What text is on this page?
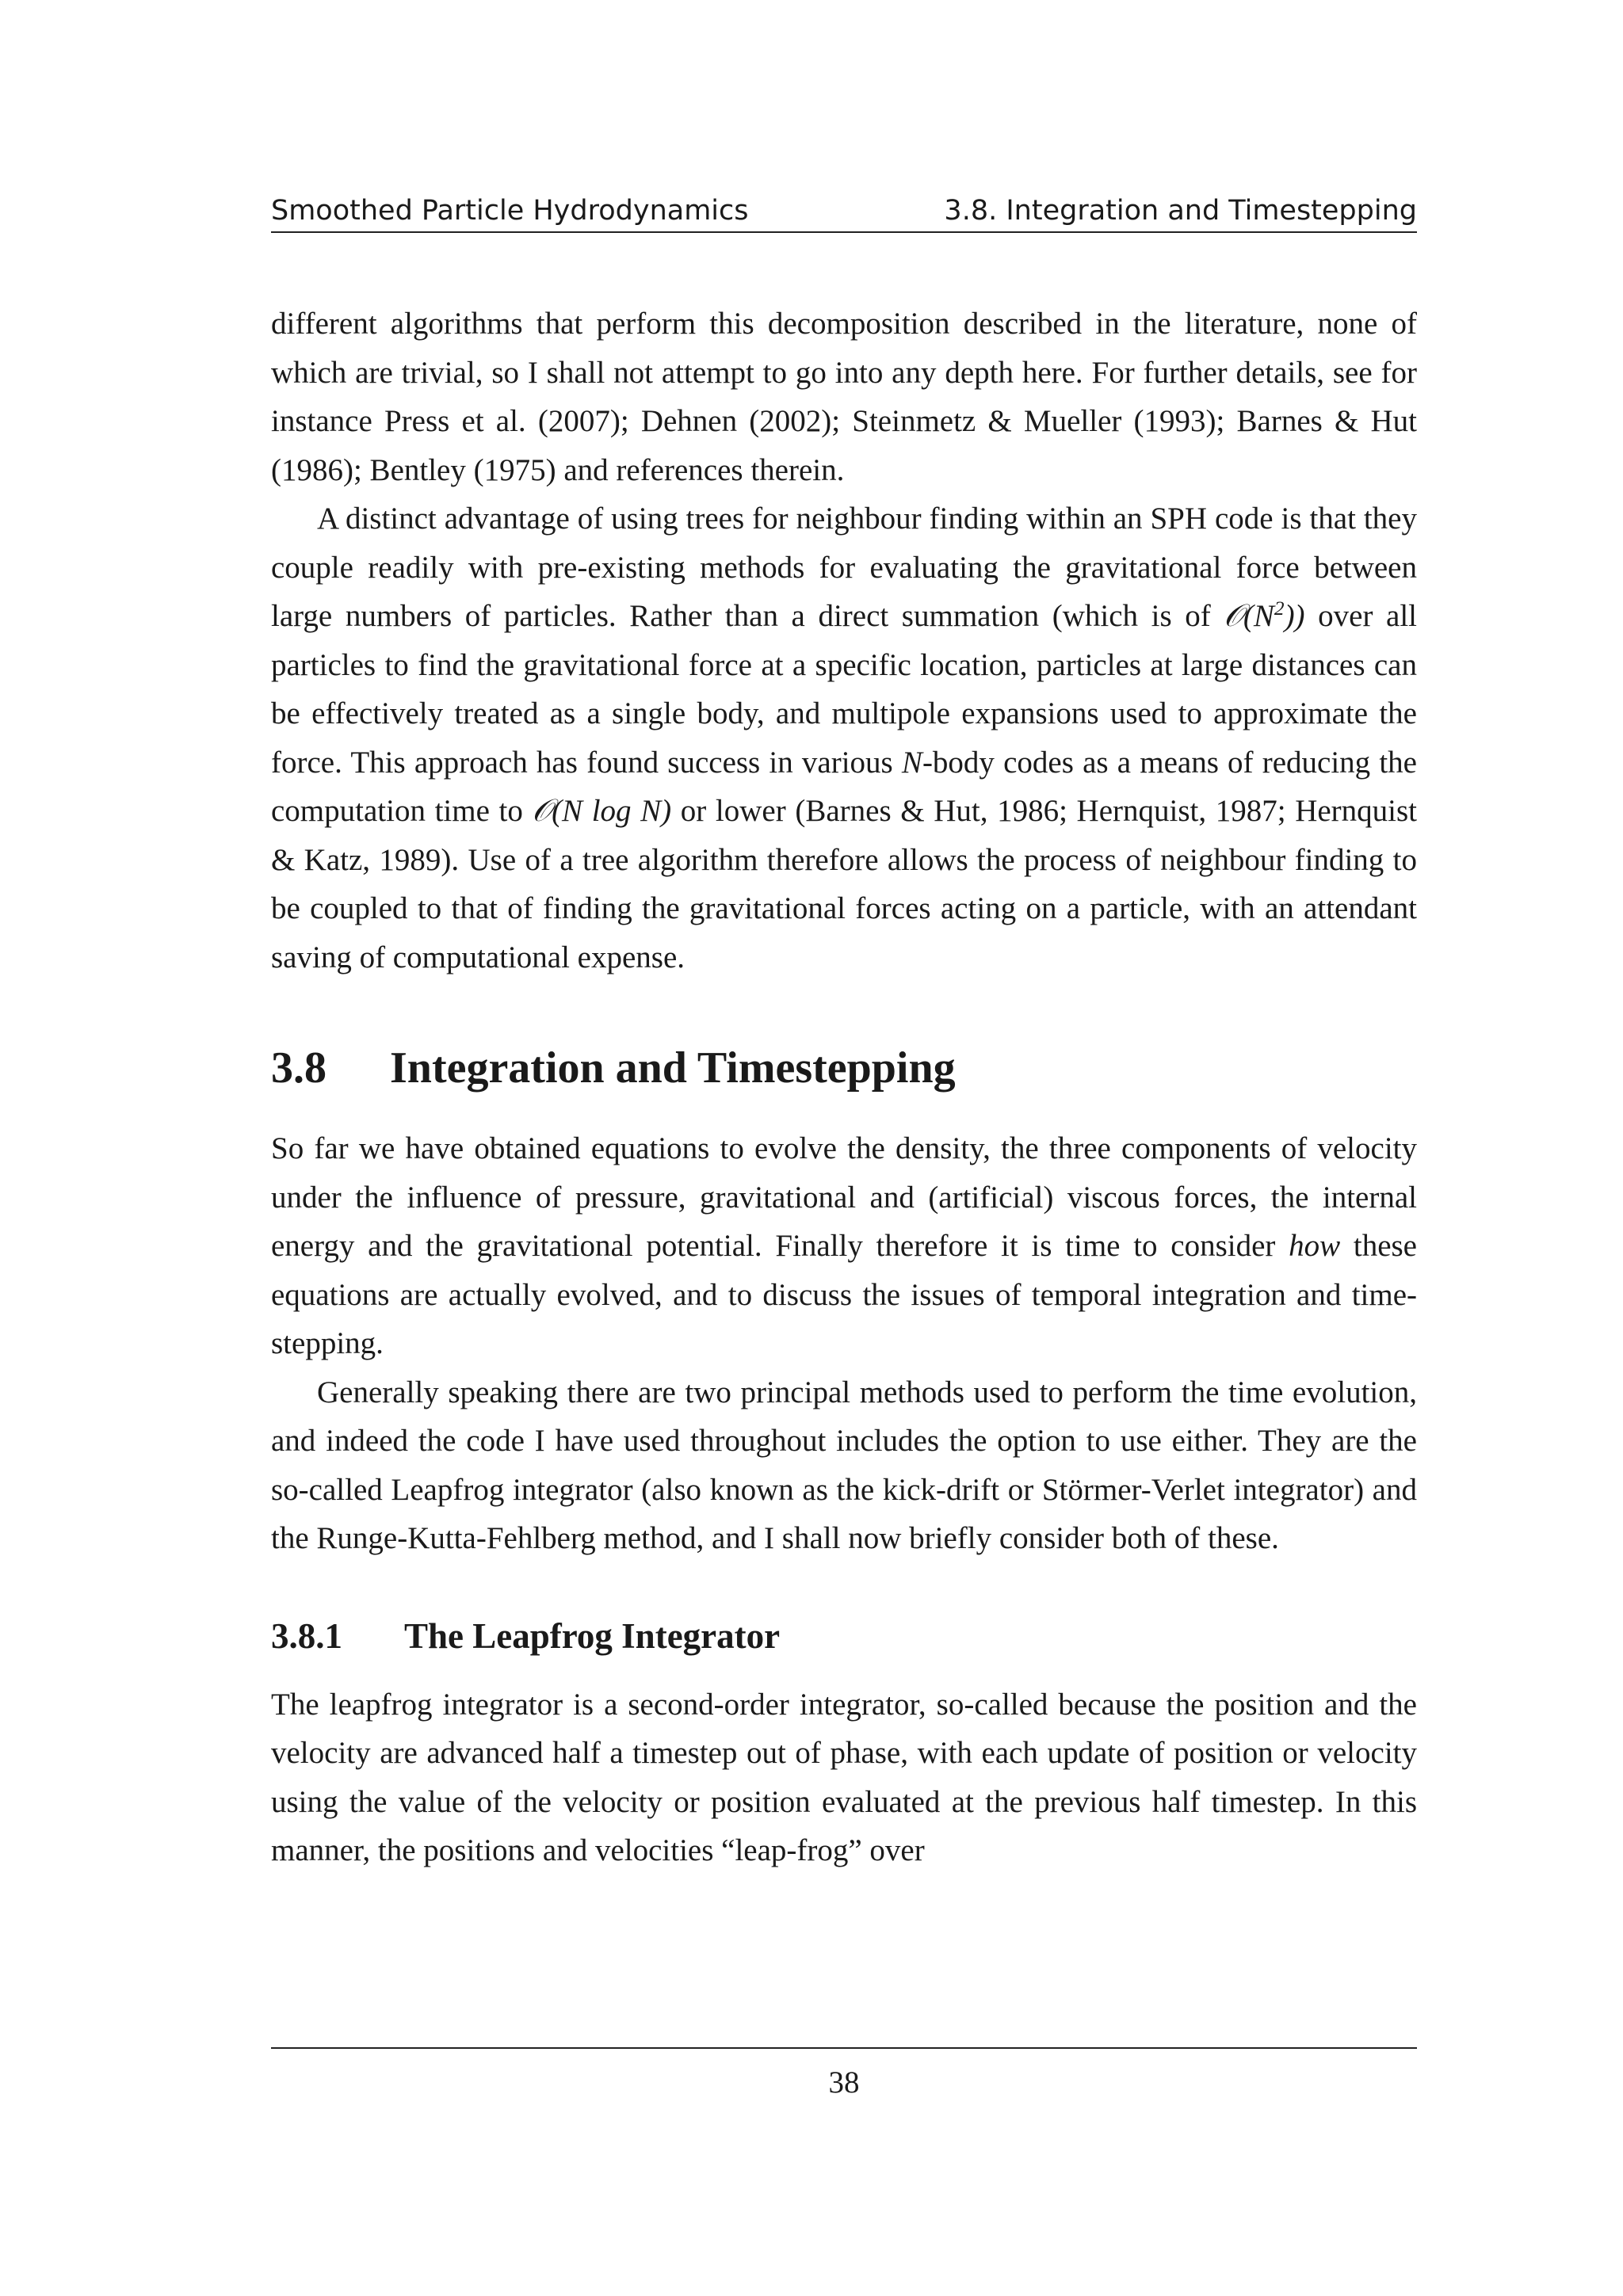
Smoothed Particle Hydrodynamics	3.8. Integration and Timestepping

different algorithms that perform this decomposition described in the literature, none of which are trivial, so I shall not attempt to go into any depth here. For further details, see for instance Press et al. (2007); Dehnen (2002); Steinmetz & Mueller (1993); Barnes & Hut (1986); Bentley (1975) and references therein.

A distinct advantage of using trees for neighbour finding within an SPH code is that they couple readily with pre-existing methods for evaluating the gravitational force between large numbers of particles. Rather than a direct summation (which is of $𝒪(N^2)$) over all particles to find the gravitational force at a specific location, particles at large distances can be effectively treated as a single body, and multipole expansions used to approximate the force. This approach has found success in various N-body codes as a means of reducing the computation time to 𝒪(N log N) or lower (Barnes & Hut, 1986; Hernquist, 1987; Hernquist & Katz, 1989). Use of a tree algorithm therefore allows the process of neighbour finding to be coupled to that of finding the gravitational forces acting on a particle, with an attendant saving of computational expense.

3.8 Integration and Timestepping

So far we have obtained equations to evolve the density, the three components of velocity under the influence of pressure, gravitational and (artificial) viscous forces, the internal energy and the gravitational potential. Finally therefore it is time to consider how these equations are actually evolved, and to discuss the issues of temporal integration and time-stepping.

Generally speaking there are two principal methods used to perform the time evolution, and indeed the code I have used throughout includes the option to use either. They are the so-called Leapfrog integrator (also known as the kick-drift or Störmer-Verlet integrator) and the Runge-Kutta-Fehlberg method, and I shall now briefly consider both of these.

3.8.1 The Leapfrog Integrator

The leapfrog integrator is a second-order integrator, so-called because the position and the velocity are advanced half a timestep out of phase, with each update of position or velocity using the value of the velocity or position evaluated at the previous half timestep. In this manner, the positions and velocities “leap-frog” over

38
